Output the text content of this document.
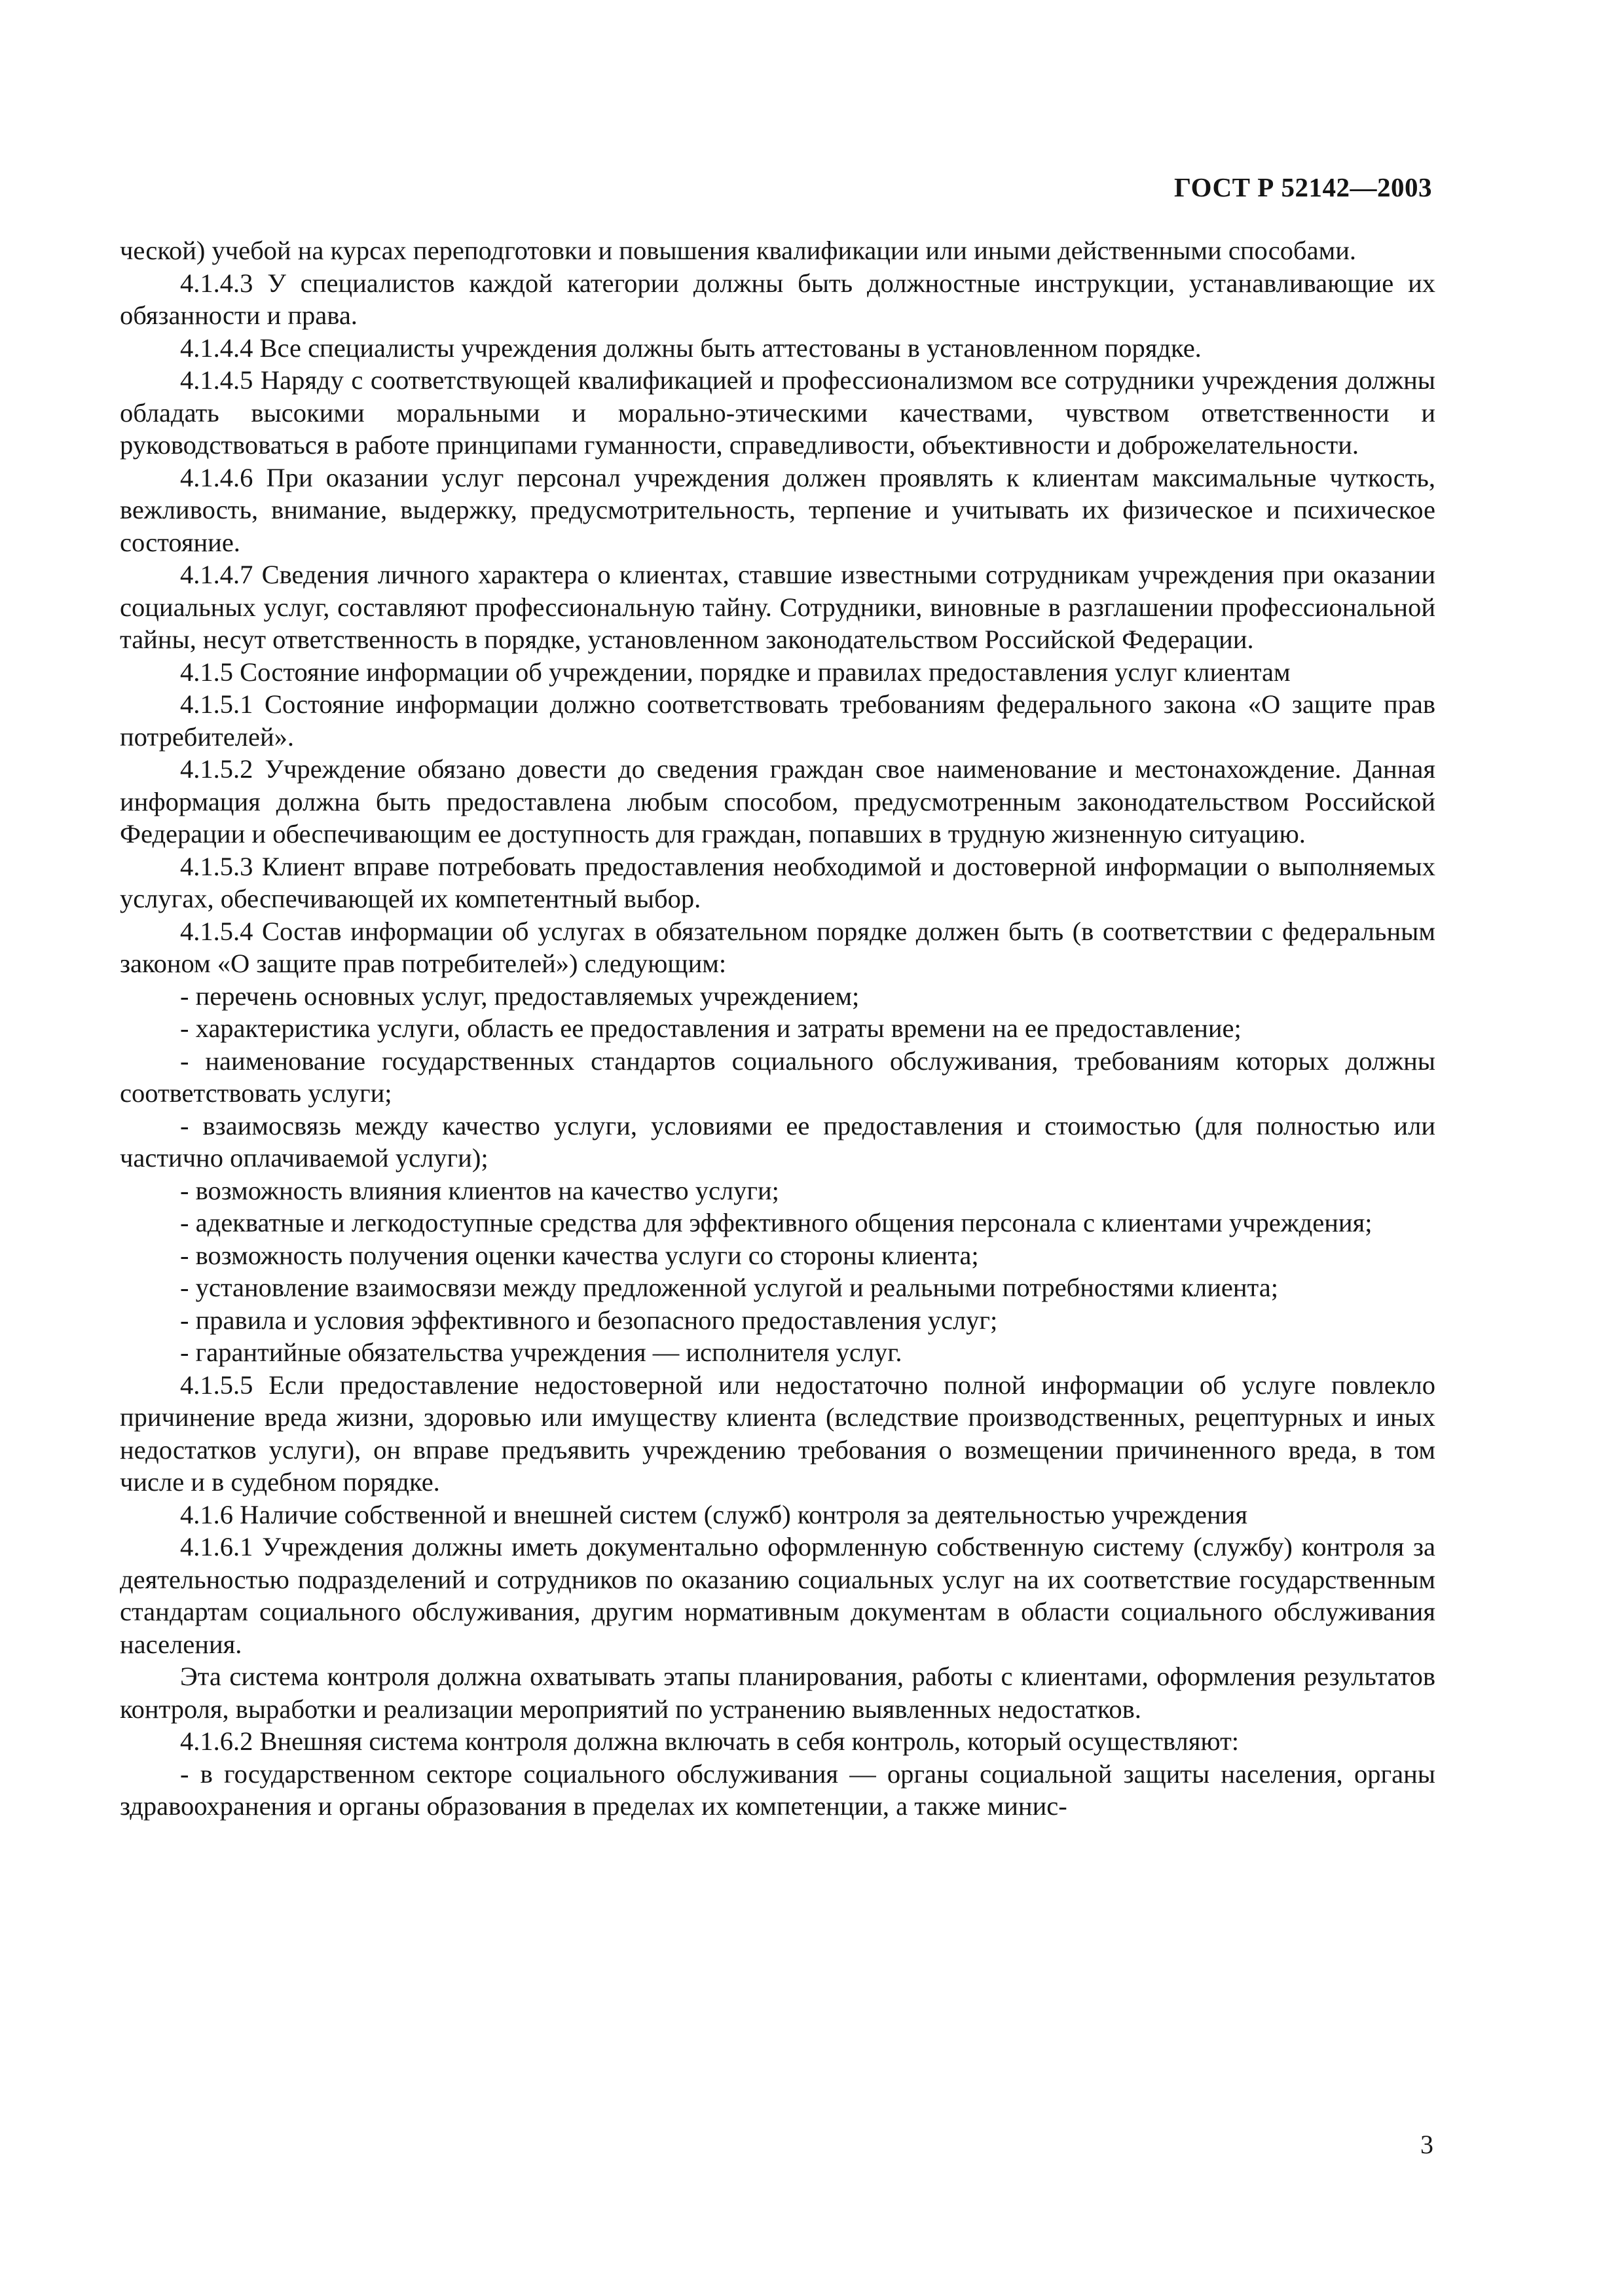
ГОСТ Р 52142—2003

ческой) учебой на курсах переподготовки и повышения квалификации или иными действенными способами.

4.1.4.3 У специалистов каждой категории должны быть должностные инструкции, устанавливающие их обязанности и права.

4.1.4.4 Все специалисты учреждения должны быть аттестованы в установленном порядке.

4.1.4.5 Наряду с соответствующей квалификацией и профессионализмом все сотрудники учреждения должны обладать высокими моральными и морально-этическими качествами, чувством ответственности и руководствоваться в работе принципами гуманности, справедливости, объективности и доброжелательности.

4.1.4.6 При оказании услуг персонал учреждения должен проявлять к клиентам максимальные чуткость, вежливость, внимание, выдержку, предусмотрительность, терпение и учитывать их физическое и психическое состояние.

4.1.4.7 Сведения личного характера о клиентах, ставшие известными сотрудникам учреждения при оказании социальных услуг, составляют профессиональную тайну. Сотрудники, виновные в разглашении профессиональной тайны, несут ответственность в порядке, установленном законодательством Российской Федерации.

4.1.5 Состояние информации об учреждении, порядке и правилах предоставления услуг клиентам

4.1.5.1 Состояние информации должно соответствовать требованиям федерального закона «О защите прав потребителей».

4.1.5.2 Учреждение обязано довести до сведения граждан свое наименование и местонахождение. Данная информация должна быть предоставлена любым способом, предусмотренным законодательством Российской Федерации и обеспечивающим ее доступность для граждан, попавших в трудную жизненную ситуацию.

4.1.5.3 Клиент вправе потребовать предоставления необходимой и достоверной информации о выполняемых услугах, обеспечивающей их компетентный выбор.

4.1.5.4 Состав информации об услугах в обязательном порядке должен быть (в соответствии с федеральным законом «О защите прав потребителей») следующим:

- перечень основных услуг, предоставляемых учреждением;

- характеристика услуги, область ее предоставления и затраты времени на ее предоставление;

- наименование государственных стандартов социального обслуживания, требованиям которых должны соответствовать услуги;

- взаимосвязь между качество услуги, условиями ее предоставления и стоимостью (для полностью или частично оплачиваемой услуги);

- возможность влияния клиентов на качество услуги;

- адекватные и легкодоступные средства для эффективного общения персонала с клиентами учреждения;

- возможность получения оценки качества услуги со стороны клиента;

- установление взаимосвязи между предложенной услугой и реальными потребностями клиента;

- правила и условия эффективного и безопасного предоставления услуг;

- гарантийные обязательства учреждения — исполнителя услуг.

4.1.5.5 Если предоставление недостоверной или недостаточно полной информации об услуге повлекло причинение вреда жизни, здоровью или имуществу клиента (вследствие производственных, рецептурных и иных недостатков услуги), он вправе предъявить учреждению требования о возмещении причиненного вреда, в том числе и в судебном порядке.

4.1.6 Наличие собственной и внешней систем (служб) контроля за деятельностью учреждения

4.1.6.1 Учреждения должны иметь документально оформленную собственную систему (службу) контроля за деятельностью подразделений и сотрудников по оказанию социальных услуг на их соответствие государственным стандартам социального обслуживания, другим нормативным документам в области социального обслуживания населения.

Эта система контроля должна охватывать этапы планирования, работы с клиентами, оформления результатов контроля, выработки и реализации мероприятий по устранению выявленных недостатков.

4.1.6.2 Внешняя система контроля должна включать в себя контроль, который осуществляют:

- в государственном секторе социального обслуживания — органы социальной защиты населения, органы здравоохранения и органы образования в пределах их компетенции, а также минис-

3
